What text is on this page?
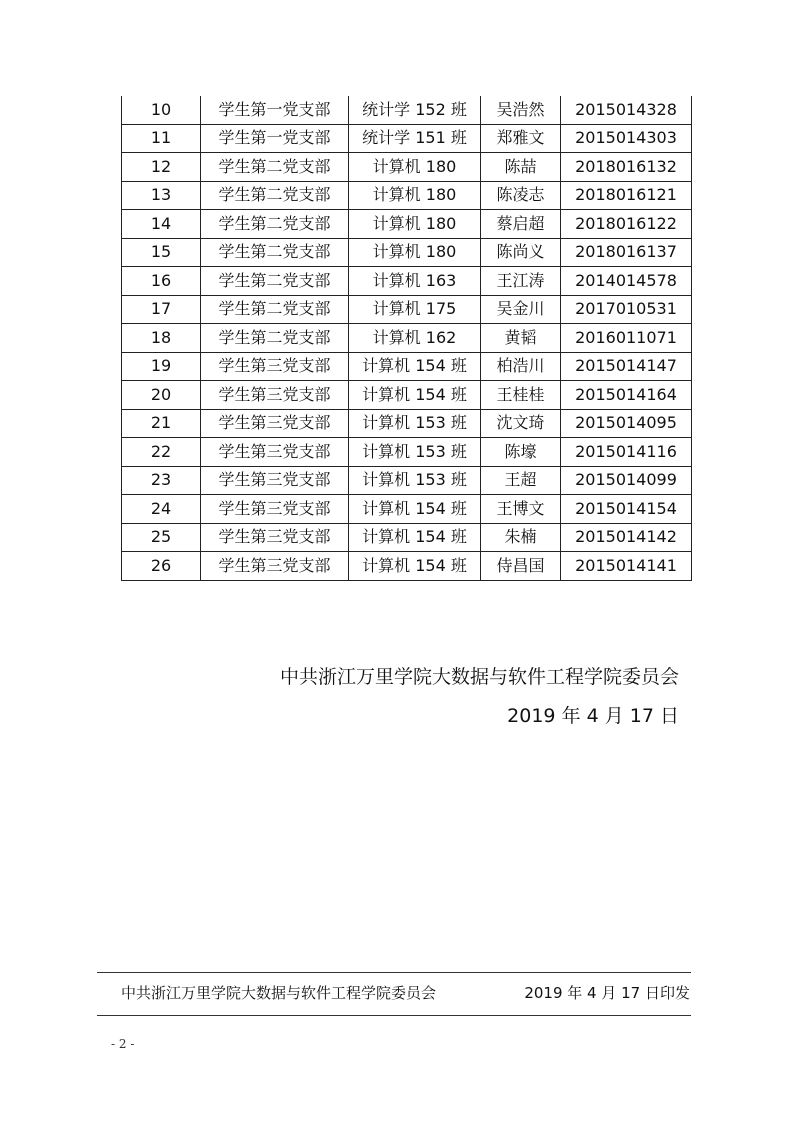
10	学生第一党支部	统计学 152 班	吴浩然	2015014328
11	学生第一党支部	统计学 151 班	郑雅文	2015014303
12	学生第二党支部	计算机 180	陈喆	2018016132
13	学生第二党支部	计算机 180	陈凌志	2018016121
14	学生第二党支部	计算机 180	蔡启超	2018016122
15	学生第二党支部	计算机 180	陈尚义	2018016137
16	学生第二党支部	计算机 163	王江涛	2014014578
17	学生第二党支部	计算机 175	吴金川	2017010531
18	学生第二党支部	计算机 162	黄韬	2016011071
19	学生第三党支部	计算机 154 班	柏浩川	2015014147
20	学生第三党支部	计算机 154 班	王桂桂	2015014164
21	学生第三党支部	计算机 153 班	沈文琦	2015014095
22	学生第三党支部	计算机 153 班	陈壕	2015014116
23	学生第三党支部	计算机 153 班	王超	2015014099
24	学生第三党支部	计算机 154 班	王博文	2015014154
25	学生第三党支部	计算机 154 班	朱楠	2015014142
26	学生第三党支部	计算机 154 班	侍昌国	2015014141
中共浙江万里学院大数据与软件工程学院委员会
2019 年 4 月 17 日
中共浙江万里学院大数据与软件工程学院委员会	2019 年 4 月 17 日印发
- 2 -
